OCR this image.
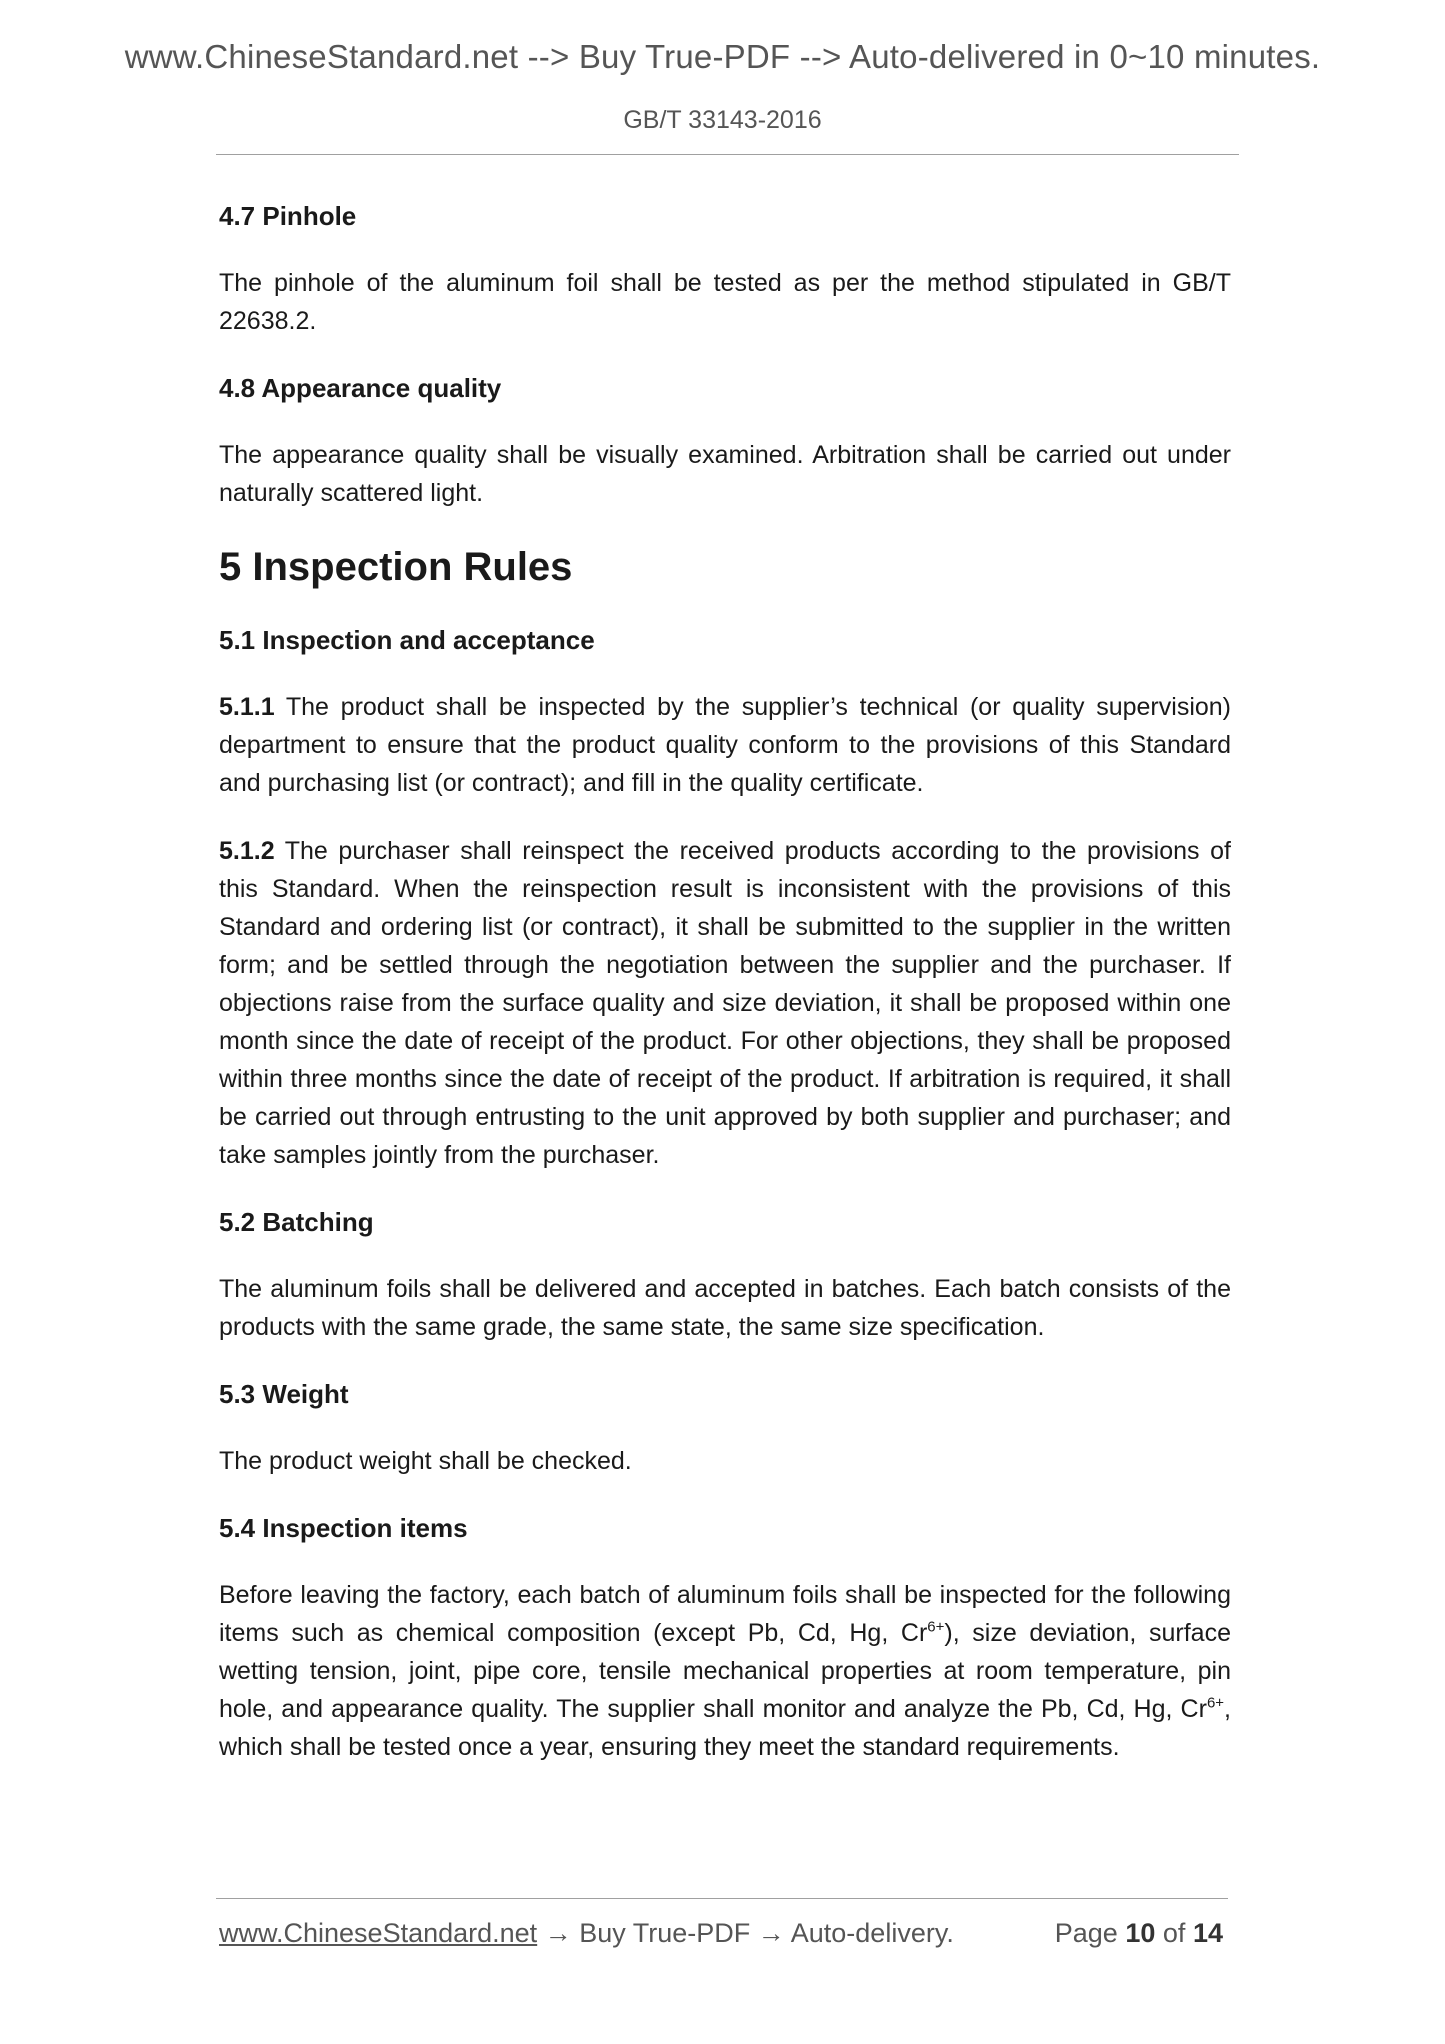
www.ChineseStandard.net --> Buy True-PDF --> Auto-delivered in 0~10 minutes.
GB/T 33143-2016
4.7 Pinhole

The pinhole of the aluminum foil shall be tested as per the method stipulated in GB/T 22638.2.

4.8 Appearance quality

The appearance quality shall be visually examined. Arbitration shall be carried out under naturally scattered light.

5 Inspection Rules
5.1 Inspection and acceptance

5.1.1 The product shall be inspected by the supplier’s technical (or quality supervision) department to ensure that the product quality conform to the provisions of this Standard and purchasing list (or contract); and fill in the quality certificate.

5.1.2 The purchaser shall reinspect the received products according to the provisions of this Standard. When the reinspection result is inconsistent with the provisions of this Standard and ordering list (or contract), it shall be submitted to the supplier in the written form; and be settled through the negotiation between the supplier and the purchaser. If objections raise from the surface quality and size deviation, it shall be proposed within one month since the date of receipt of the product. For other objections, they shall be proposed within three months since the date of receipt of the product. If arbitration is required, it shall be carried out through entrusting to the unit approved by both supplier and purchaser; and take samples jointly from the purchaser.

5.2 Batching

The aluminum foils shall be delivered and accepted in batches. Each batch consists of the products with the same grade, the same state, the same size specification.

5.3 Weight

The product weight shall be checked.

5.4 Inspection items

Before leaving the factory, each batch of aluminum foils shall be inspected for the following items such as chemical composition (except Pb, Cd, Hg, $Cr^{6+}$), size deviation, surface wetting tension, joint, pipe core, tensile mechanical properties at room temperature, pin hole, and appearance quality. The supplier shall monitor and analyze the Pb, Cd, Hg, $Cr^{6+}$, which shall be tested once a year, ensuring they meet the standard requirements.

www.ChineseStandard.net → Buy True-PDF → Auto-delivery.	Page 10 of 14
